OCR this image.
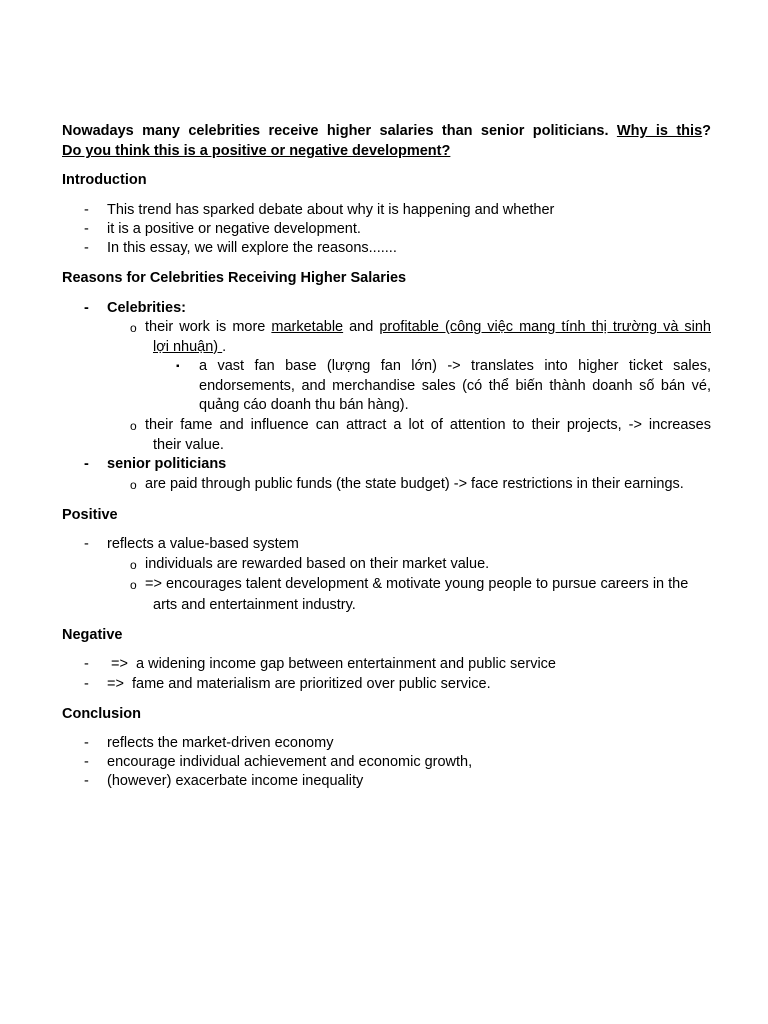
Nowadays many celebrities receive higher salaries than senior politicians. Why is this?
Do you think this is a positive or negative development?
Introduction
- This trend has sparked debate about why it is happening and whether
- it is a positive or negative development.
- In this essay, we will explore the reasons.......
Reasons for Celebrities Receiving Higher Salaries
- Celebrities:
o their work is more marketable and profitable (công việc mang tính thị trường và sinh
lợi nhuận) .
▪ a vast fan base (lượng fan lớn) -> translates into higher ticket sales,
endorsements, and merchandise sales (có thể biến thành doanh số bán vé,
quảng cáo doanh thu bán hàng).
o their fame and influence can attract a lot of attention to their projects, -> increases
their value.
- senior politicians
o are paid through public funds (the state budget) -> face restrictions in their earnings.
Positive
- reflects a value-based system
o individuals are rewarded based on their market value.
o => encourages talent development & motivate young people to pursue careers in the
arts and entertainment industry.
Negative
- =>  a widening income gap between entertainment and public service
- =>  fame and materialism are prioritized over public service.
Conclusion
- reflects the market-driven economy
- encourage individual achievement and economic growth,
- (however) exacerbate income inequality
